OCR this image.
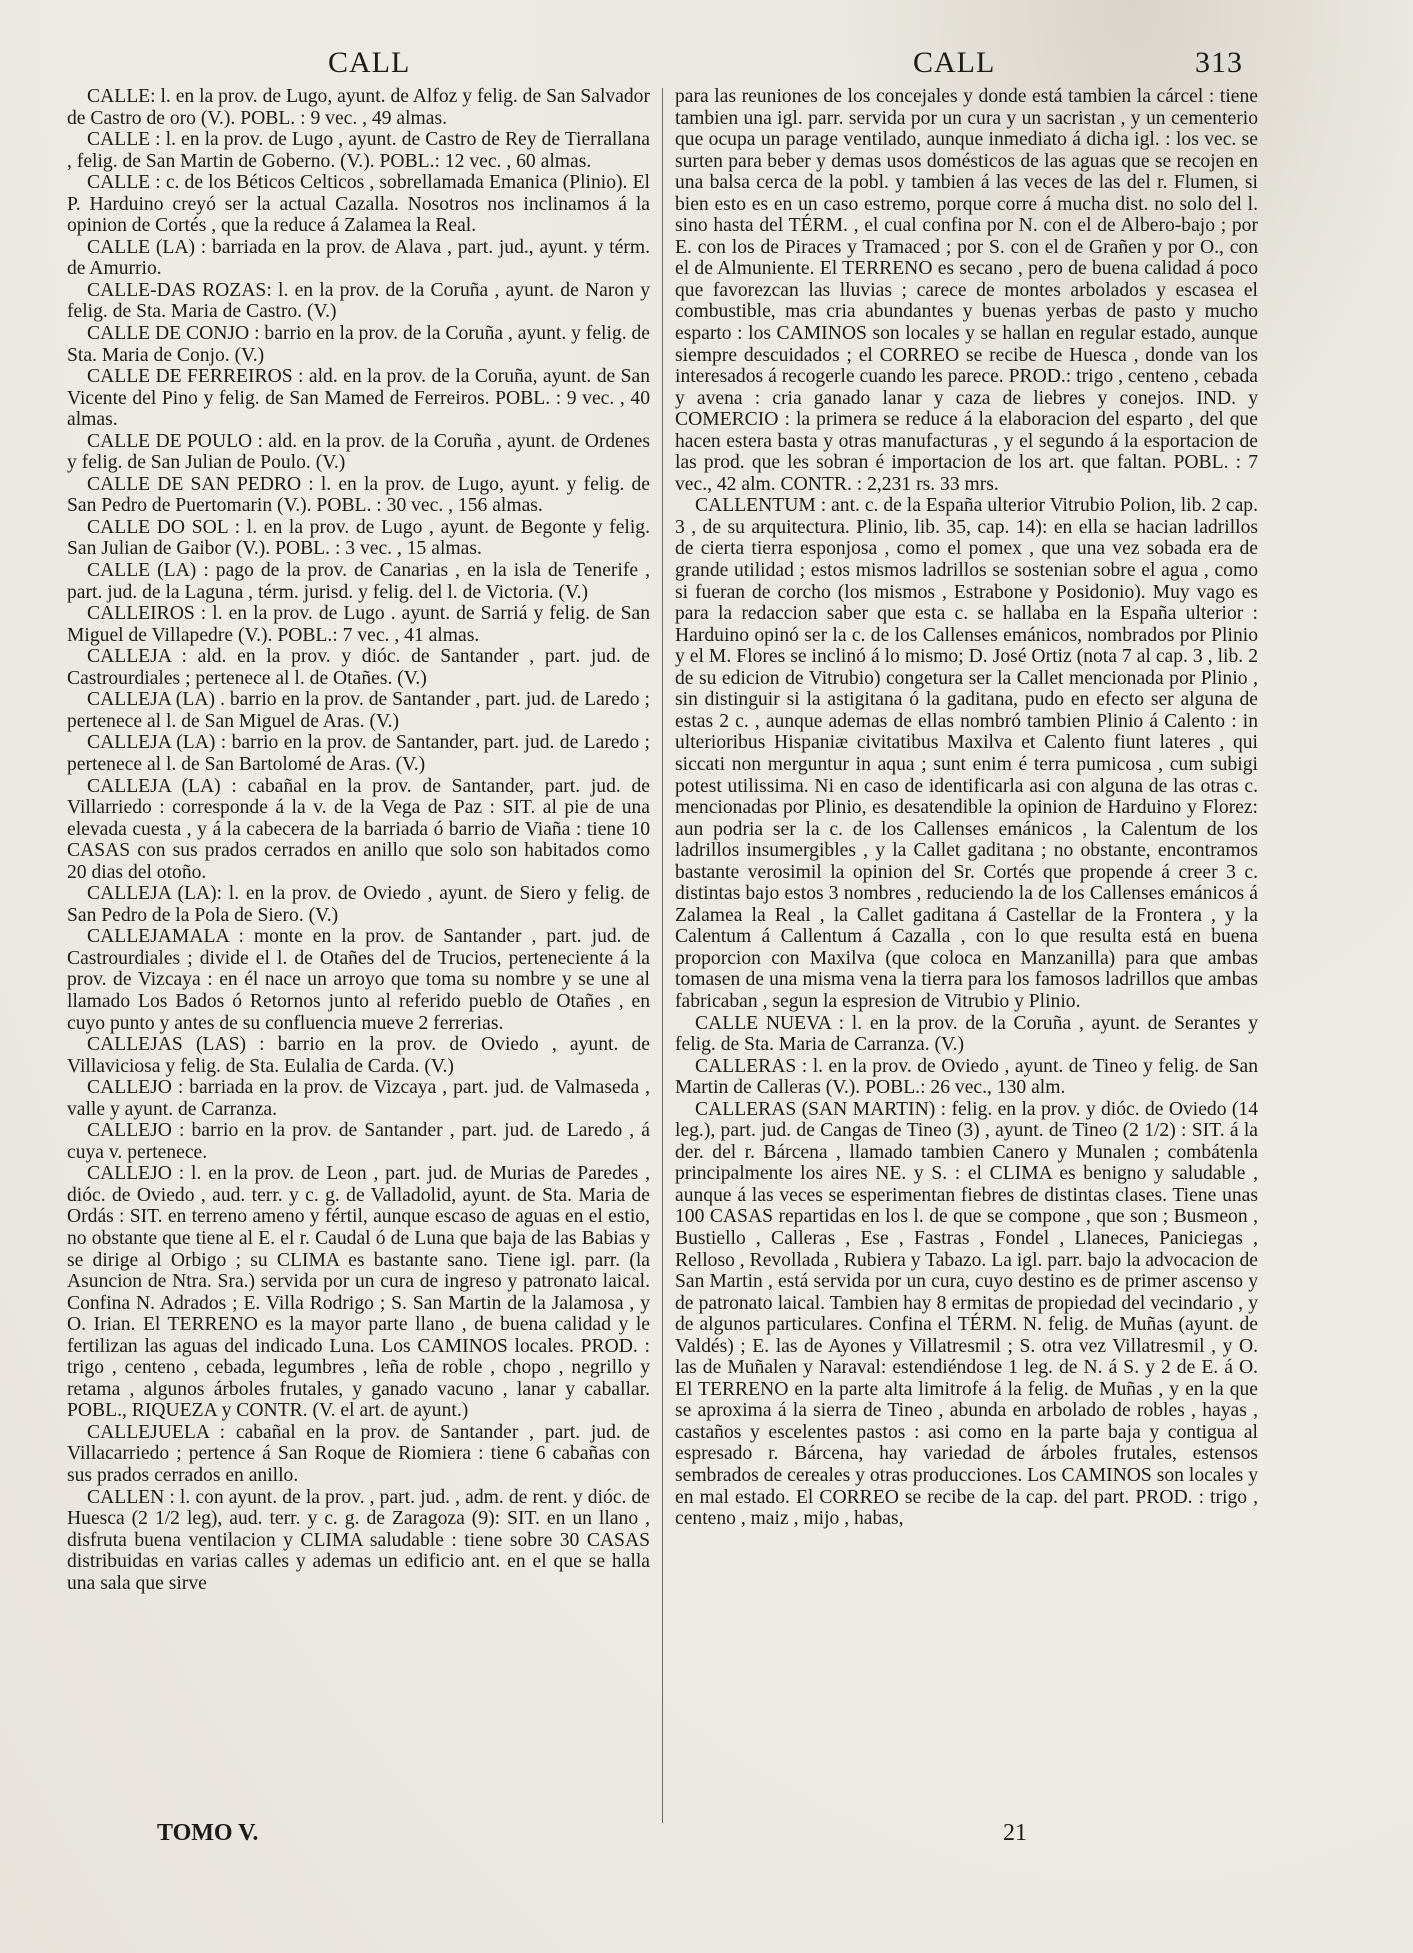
CALL	CALL	313

CALLE: l. en la prov. de Lugo, ayunt. de Alfoz y felig. de San Salvador de Castro de oro (V.). POBL. : 9 vec. , 49 almas.

CALLE : l. en la prov. de Lugo , ayunt. de Castro de Rey de Tierrallana , felig. de San Martin de Goberno. (V.). POBL.: 12 vec. , 60 almas.

CALLE : c. de los Béticos Celticos , sobrellamada Emanica (Plinio). El P. Harduino creyó ser la actual Cazalla. Nosotros nos inclinamos á la opinion de Cortés , que la reduce á Zalamea la Real.

CALLE (LA) : barriada en la prov. de Alava , part. jud., ayunt. y térm. de Amurrio.

CALLE-DAS ROZAS: l. en la prov. de la Coruña , ayunt. de Naron y felig. de Sta. Maria de Castro. (V.)

CALLE DE CONJO : barrio en la prov. de la Coruña , ayunt. y felig. de Sta. Maria de Conjo. (V.)

CALLE DE FERREIROS : ald. en la prov. de la Coruña, ayunt. de San Vicente del Pino y felig. de San Mamed de Ferreiros. POBL. : 9 vec. , 40 almas.

CALLE DE POULO : ald. en la prov. de la Coruña , ayunt. de Ordenes y felig. de San Julian de Poulo. (V.)

CALLE DE SAN PEDRO : l. en la prov. de Lugo, ayunt. y felig. de San Pedro de Puertomarin (V.). POBL. : 30 vec. , 156 almas.

CALLE DO SOL : l. en la prov. de Lugo , ayunt. de Begonte y felig. San Julian de Gaibor (V.). POBL. : 3 vec. , 15 almas.

CALLE (LA) : pago de la prov. de Canarias , en la isla de Tenerife , part. jud. de la Laguna , térm. jurisd. y felig. del l. de Victoria. (V.)

CALLEIROS : l. en la prov. de Lugo . ayunt. de Sarriá y felig. de San Miguel de Villapedre (V.). POBL.: 7 vec. , 41 almas.

CALLEJA : ald. en la prov. y dióc. de Santander , part. jud. de Castrourdiales ; pertenece al l. de Otañes. (V.)

CALLEJA (LA) . barrio en la prov. de Santander , part. jud. de Laredo ; pertenece al l. de San Miguel de Aras. (V.)

CALLEJA (LA) : barrio en la prov. de Santander, part. jud. de Laredo ; pertenece al l. de San Bartolomé de Aras. (V.)

CALLEJA (LA) : cabañal en la prov. de Santander, part. jud. de Villarriedo : corresponde á la v. de la Vega de Paz : SIT. al pie de una elevada cuesta , y á la cabecera de la barriada ó barrio de Viaña : tiene 10 CASAS con sus prados cerrados en anillo que solo son habitados como 20 dias del otoño.

CALLEJA (LA): l. en la prov. de Oviedo , ayunt. de Siero y felig. de San Pedro de la Pola de Siero. (V.)

CALLEJAMALA : monte en la prov. de Santander , part. jud. de Castrourdiales ; divide el l. de Otañes del de Trucios, perteneciente á la prov. de Vizcaya : en él nace un arroyo que toma su nombre y se une al llamado Los Bados ó Retornos junto al referido pueblo de Otañes , en cuyo punto y antes de su confluencia mueve 2 ferrerias.

CALLEJAS (LAS) : barrio en la prov. de Oviedo , ayunt. de Villaviciosa y felig. de Sta. Eulalia de Carda. (V.)

CALLEJO : barriada en la prov. de Vizcaya , part. jud. de Valmaseda , valle y ayunt. de Carranza.

CALLEJO : barrio en la prov. de Santander , part. jud. de Laredo , á cuya v. pertenece.

CALLEJO : l. en la prov. de Leon , part. jud. de Murias de Paredes , dióc. de Oviedo , aud. terr. y c. g. de Valladolid, ayunt. de Sta. Maria de Ordás : SIT. en terreno ameno y fértil, aunque escaso de aguas en el estio, no obstante que tiene al E. el r. Caudal ó de Luna que baja de las Babias y se dirige al Orbigo ; su CLIMA es bastante sano. Tiene igl. parr. (la Asuncion de Ntra. Sra.) servida por un cura de ingreso y patronato laical. Confina N. Adrados ; E. Villa Rodrigo ; S. San Martin de la Jalamosa , y O. Irian. El TERRENO es la mayor parte llano , de buena calidad y le fertilizan las aguas del indicado Luna. Los CAMINOS locales. PROD. : trigo , centeno , cebada, legumbres , leña de roble , chopo , negrillo y retama , algunos árboles frutales, y ganado vacuno , lanar y caballar. POBL., RIQUEZA y CONTR. (V. el art. de ayunt.)

CALLEJUELA : cabañal en la prov. de Santander , part. jud. de Villacarriedo ; pertence á San Roque de Riomiera : tiene 6 cabañas con sus prados cerrados en anillo.

CALLEN : l. con ayunt. de la prov. , part. jud. , adm. de rent. y dióc. de Huesca (2 1/2 leg), aud. terr. y c. g. de Zaragoza (9): SIT. en un llano , disfruta buena ventilacion y CLIMA saludable : tiene sobre 30 CASAS distribuidas en varias calles y ademas un edificio ant. en el que se halla una sala que sirve

para las reuniones de los concejales y donde está tambien la cárcel : tiene tambien una igl. parr. servida por un cura y un sacristan , y un cementerio que ocupa un parage ventilado, aunque inmediato á dicha igl. : los vec. se surten para beber y demas usos domésticos de las aguas que se recojen en una balsa cerca de la pobl. y tambien á las veces de las del r. Flumen, si bien esto es en un caso estremo, porque corre á mucha dist. no solo del l. sino hasta del TÉRM. , el cual confina por N. con el de Albero-bajo ; por E. con los de Piraces y Tramaced ; por S. con el de Grañen y por O., con el de Almuniente. El TERRENO es secano , pero de buena calidad á poco que favorezcan las lluvias ; carece de montes arbolados y escasea el combustible, mas cria abundantes y buenas yerbas de pasto y mucho esparto : los CAMINOS son locales y se hallan en regular estado, aunque siempre descuidados ; el CORREO se recibe de Huesca , donde van los interesados á recogerle cuando les parece. PROD.: trigo , centeno , cebada y avena : cria ganado lanar y caza de liebres y conejos. IND. y COMERCIO : la primera se reduce á la elaboracion del esparto , del que hacen estera basta y otras manufacturas , y el segundo á la esportacion de las prod. que les sobran é importacion de los art. que faltan. POBL. : 7 vec., 42 alm. CONTR. : 2,231 rs. 33 mrs.

CALLENTUM : ant. c. de la España ulterior Vitrubio Polion, lib. 2 cap. 3 , de su arquitectura. Plinio, lib. 35, cap. 14): en ella se hacian ladrillos de cierta tierra esponjosa , como el pomex , que una vez sobada era de grande utilidad ; estos mismos ladrillos se sostenian sobre el agua , como si fueran de corcho (los mismos , Estrabone y Posidonio). Muy vago es para la redaccion saber que esta c. se hallaba en la España ulterior : Harduino opinó ser la c. de los Callenses emánicos, nombrados por Plinio y el M. Flores se inclinó á lo mismo; D. José Ortiz (nota 7 al cap. 3 , lib. 2 de su edicion de Vitrubio) congetura ser la Callet mencionada por Plinio , sin distinguir si la astigitana ó la gaditana, pudo en efecto ser alguna de estas 2 c. , aunque ademas de ellas nombró tambien Plinio á Calento : in ulterioribus Hispaniæ civitatibus Maxilva et Calento fiunt lateres , qui siccati non merguntur in aqua ; sunt enim é terra pumicosa , cum subigi potest utilissima. Ni en caso de identificarla asi con alguna de las otras c. mencionadas por Plinio, es desatendible la opinion de Harduino y Florez: aun podria ser la c. de los Callenses emánicos , la Calentum de los ladrillos insumergibles , y la Callet gaditana ; no obstante, encontramos bastante verosimil la opinion del Sr. Cortés que propende á creer 3 c. distintas bajo estos 3 nombres , reduciendo la de los Callenses emánicos á Zalamea la Real , la Callet gaditana á Castellar de la Frontera , y la Calentum á Callentum á Cazalla , con lo que resulta está en buena proporcion con Maxilva (que coloca en Manzanilla) para que ambas tomasen de una misma vena la tierra para los famosos ladrillos que ambas fabricaban , segun la espresion de Vitrubio y Plinio.

CALLE NUEVA : l. en la prov. de la Coruña , ayunt. de Serantes y felig. de Sta. Maria de Carranza. (V.)

CALLERAS : l. en la prov. de Oviedo , ayunt. de Tineo y felig. de San Martin de Calleras (V.). POBL.: 26 vec., 130 alm.

CALLERAS (SAN MARTIN) : felig. en la prov. y dióc. de Oviedo (14 leg.), part. jud. de Cangas de Tineo (3) , ayunt. de Tineo (2 1/2) : SIT. á la der. del r. Bárcena , llamado tambien Canero y Munalen ; combátenla principalmente los aires NE. y S. : el CLIMA es benigno y saludable , aunque á las veces se esperimentan fiebres de distintas clases. Tiene unas 100 CASAS repartidas en los l. de que se compone , que son ; Busmeon , Bustiello , Calleras , Ese , Fastras , Fondel , Llaneces, Paniciegas , Relloso , Revollada , Rubiera y Tabazo. La igl. parr. bajo la advocacion de San Martin , está servida por un cura, cuyo destino es de primer ascenso y de patronato laical. Tambien hay 8 ermitas de propiedad del vecindario , y de algunos particulares. Confina el TÉRM. N. felig. de Muñas (ayunt. de Valdés) ; E. las de Ayones y Villatresmil ; S. otra vez Villatresmil , y O. las de Muñalen y Naraval: estendiéndose 1 leg. de N. á S. y 2 de E. á O. El TERRENO en la parte alta limitrofe á la felig. de Muñas , y en la que se aproxima á la sierra de Tineo , abunda en arbolado de robles , hayas , castaños y escelentes pastos : asi como en la parte baja y contigua al espresado r. Bárcena, hay variedad de árboles frutales, estensos sembrados de cereales y otras producciones. Los CAMINOS son locales y en mal estado. El CORREO se recibe de la cap. del part. PROD. : trigo , centeno , maiz , mijo , habas,

TOMO V.	21
